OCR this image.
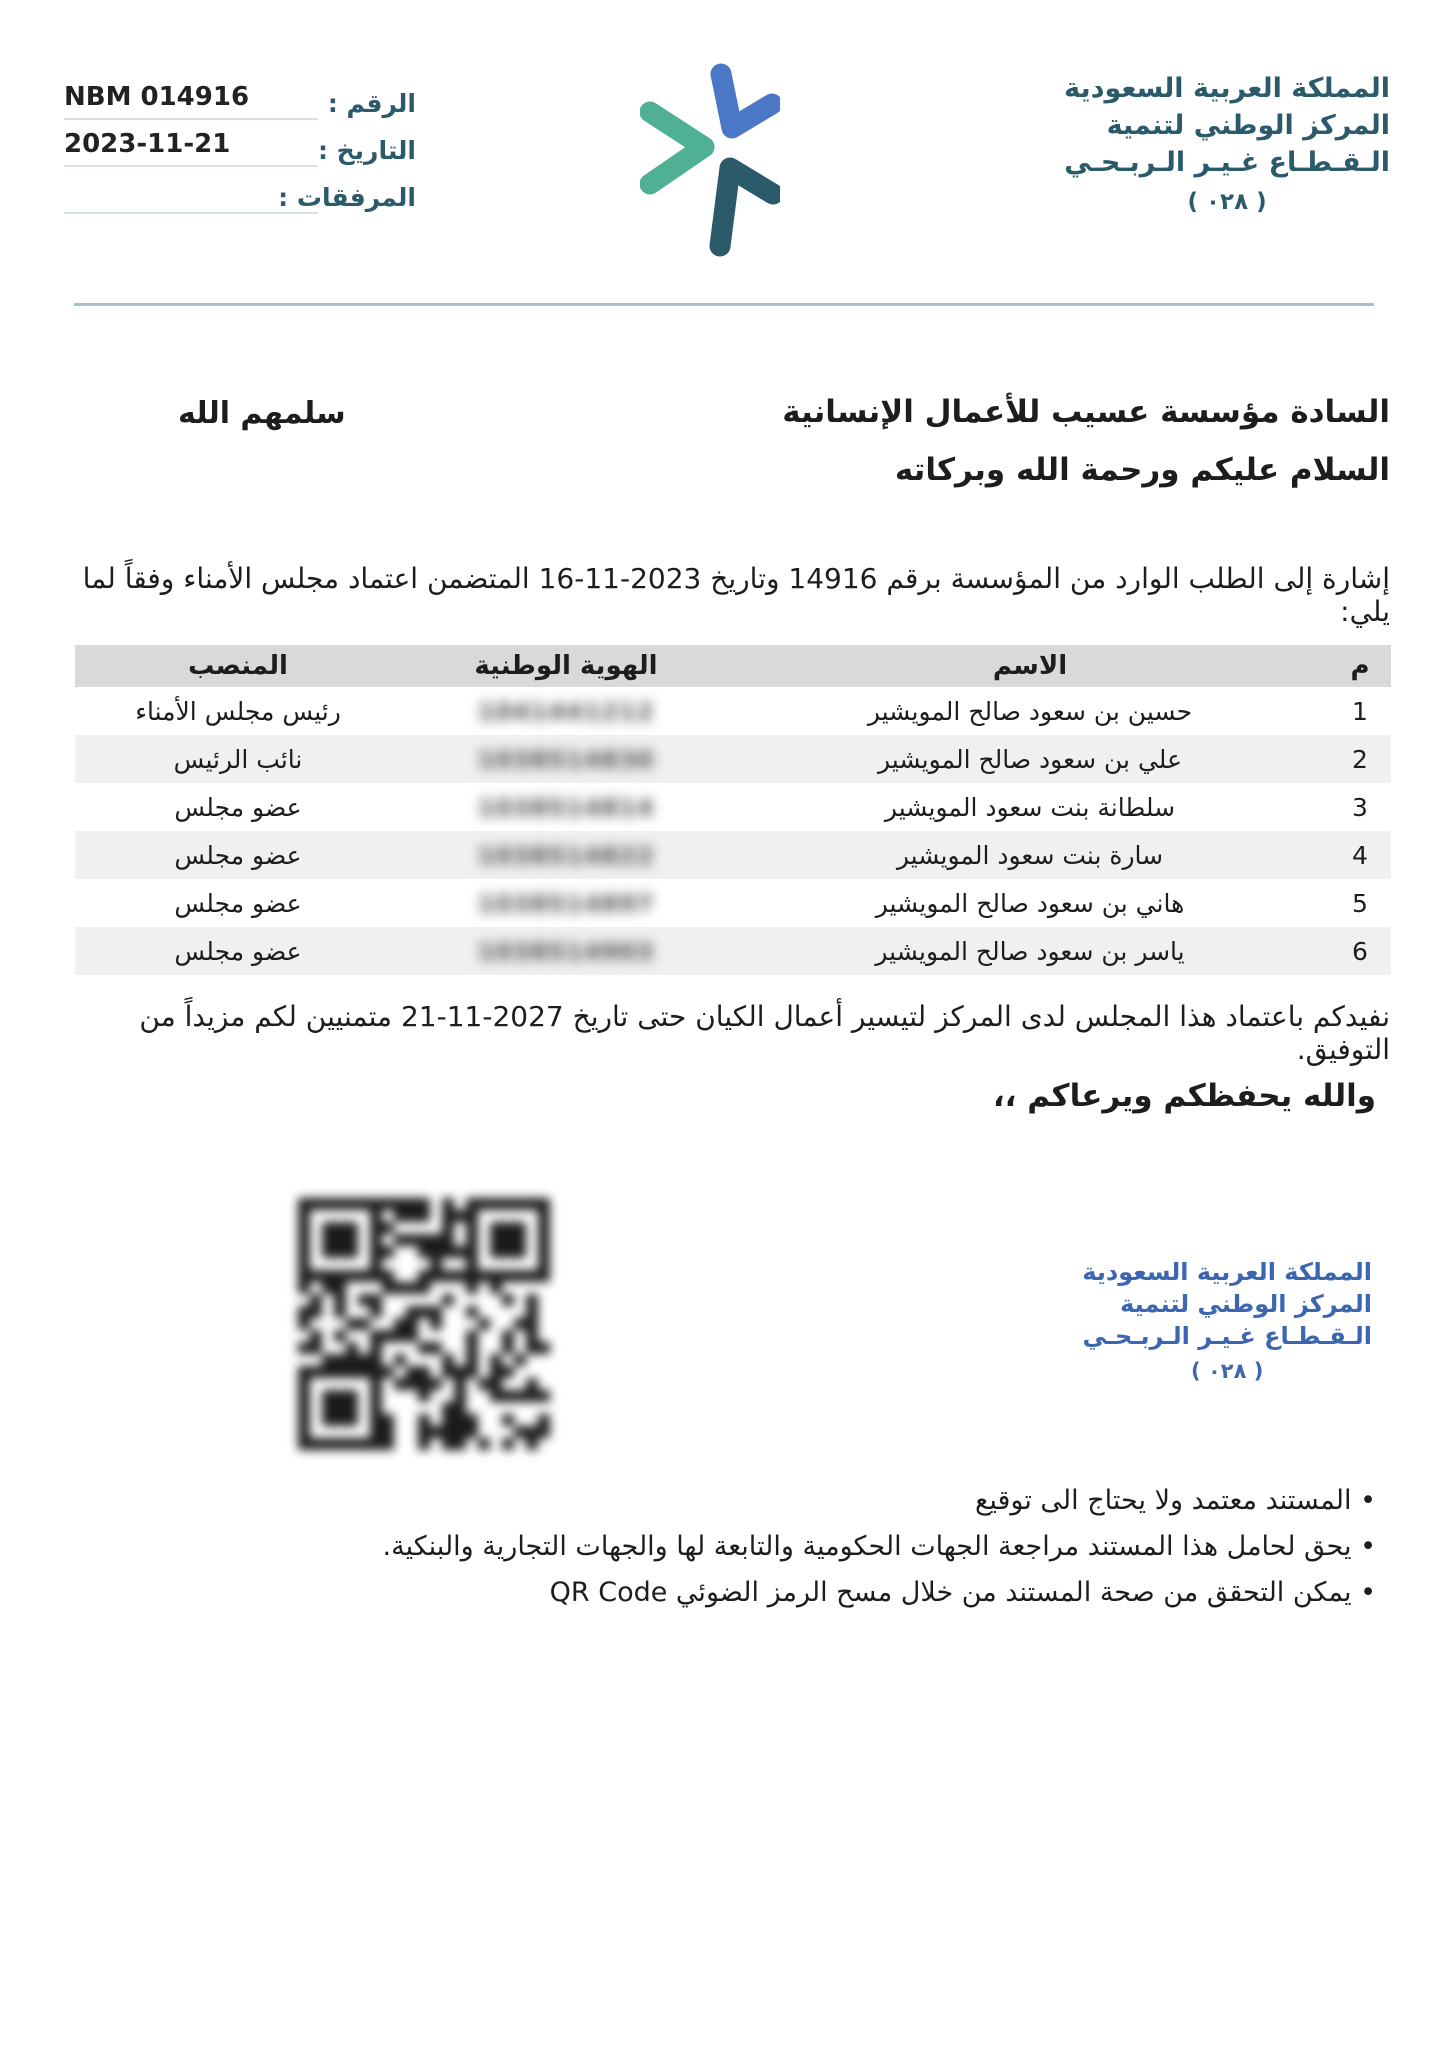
الرقم :
NBM 014916
التاريخ :
2023-11-21
المرفقات :
المملكة العربية السعودية
المركز الوطني لتنمية
الـقـطـاع غـيـر الـربـحـي
( ٠٢٨ )
السادة مؤسسة عسيب للأعمال الإنسانية
سلمهم الله
السلام عليكم ورحمة الله وبركاته
إشارة إلى الطلب الوارد من المؤسسة برقم 14916 وتاريخ 2023-11-16 المتضمن اعتماد مجلس الأمناء وفقاً لما يلي:
م	الاسم	الهوية الوطنية	المنصب
1	حسين بن سعود صالح المويشير	1041441212	رئيس مجلس الأمناء
2	علي بن سعود صالح المويشير	1038514830	نائب الرئيس
3	سلطانة بنت سعود المويشير	1038514814	عضو مجلس
4	سارة بنت سعود المويشير	1038514822	عضو مجلس
5	هاني بن سعود صالح المويشير	1038514897	عضو مجلس
6	ياسر بن سعود صالح المويشير	1038514903	عضو مجلس
نفيدكم باعتماد هذا المجلس لدى المركز لتيسير أعمال الكيان حتى تاريخ 2027-11-21 متمنيين لكم مزيداً من التوفيق.
والله يحفظكم ويرعاكم ،،
المملكة العربية السعودية
المركز الوطني لتنمية
الـقـطـاع غـيـر الـربـحـي
( ٠٢٨ )
• المستند معتمد ولا يحتاج الى توقيع
• يحق لحامل هذا المستند مراجعة الجهات الحكومية والتابعة لها والجهات التجارية والبنكية.
• يمكن التحقق من صحة المستند من خلال مسح الرمز الضوئي QR Code
